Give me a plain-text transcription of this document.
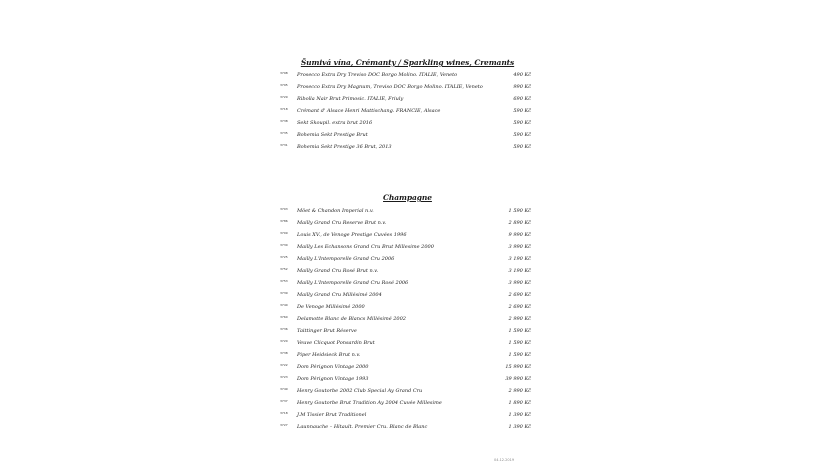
Šumivá vína, Crémanty / Sparkling wines, Cremants
3798 Prosecco Extra Dry Treviso DOC Borgo Molino. ITALIE, Veneto	490 Kč
3795 Prosecco Extra Dry Magnum, Treviso DOC Borgo Molino. ITALIE, Veneto	990 Kč
3729 Ribolla Nair Brut Primosic. ITALIE, Friuly	690 Kč
3718 Crémant d' Alsace Henri Mattischang. FRANCIE, Alsace	590 Kč
3738 Sekt Skoupil. extra brut 2016	590 Kč
3735 Bohemia Sekt Prestige Brut	590 Kč
3731 Bohemia Sekt Prestige 36 Brut, 2013	590 Kč
Champagne
3703 Möet & Chandon Imperial n.v.	1 590 Kč
3786 Mailly Grand Cru Reserve Brut n.v.	2 890 Kč
3709 Louis XV., de Venoge Prestige Cuvées 1996	9 990 Kč
3730 Mailly Les Echansons Grand Cru Brut Millesime 2000	3 990 Kč
3725 Mailly L'Intemporelle Grand Cru 2006	3 190 Kč
3752 Mailly Grand Cru Rosé Brut n.v.	3 190 Kč
3753 Mailly L'Intemporelle Grand Cru Rosé 2006	3 990 Kč
3739 Mailly Grand Cru Millésimé 2004	2 690 Kč
3740 De Venoge Millésimé 2000	2 690 Kč
3760 Delamotte Blanc de Blancs Millésimé 2002	2 990 Kč
3736 Taittinger Brut Réserve	1 590 Kč
3720 Veuve Clicquot Ponsardin Brut	1 590 Kč
3738 Piper Heidsieck Brut n.v.	1 590 Kč
3722 Dom Pérignon Vintage 2000	15 990 Kč
3723 Dom Pérignon Vintage 1993	39 990 Kč
3749 Henry Goutorbe 2002 Club Special Ay Grand Cru	2 990 Kč
3737 Henry Goutorbe Brut Tradition Ay 2004 Cuvée Millesime	1 890 Kč
3718 J.M Tissier Brut Traditionel	1 390 Kč
3727 Launnauche – Hitault. Premier Cru. Blanc de Blanc	1 390 Kč
04.12.2019
